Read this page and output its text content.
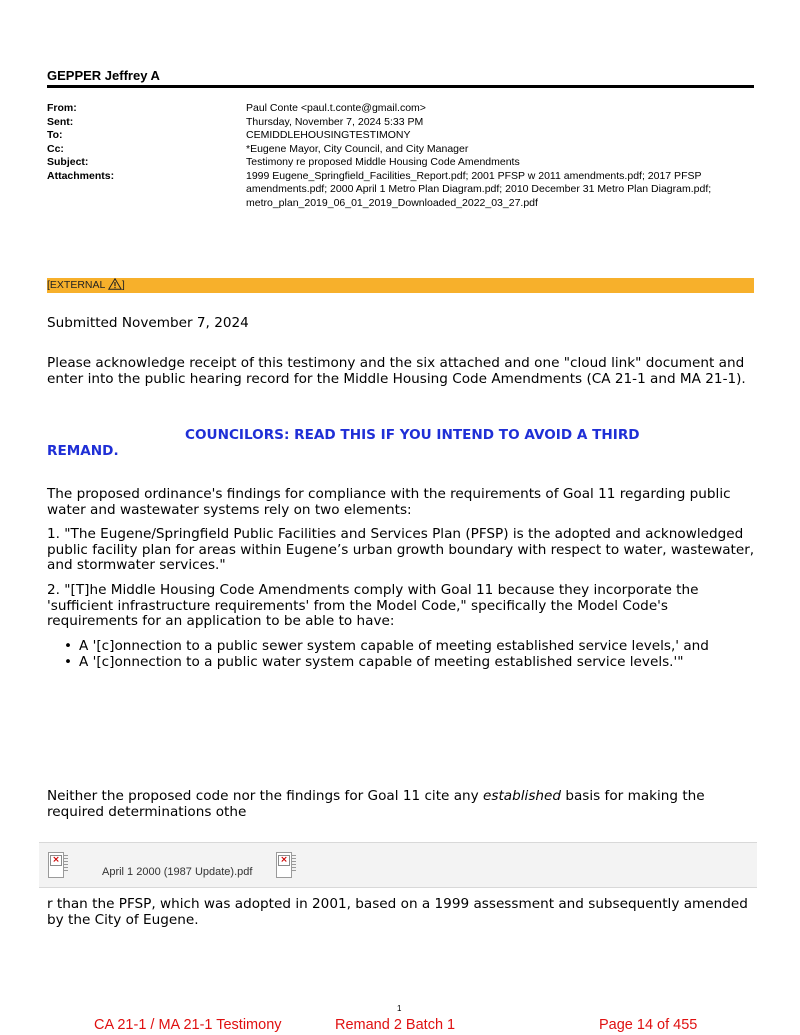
GEPPER Jeffrey A
From:	Paul Conte <paul.t.conte@gmail.com>
Sent:	Thursday, November 7, 2024 5:33 PM
To:	CEMIDDLEHOUSINGTESTIMONY
Cc:	*Eugene Mayor, City Council, and City Manager
Subject:	Testimony re proposed Middle Housing Code Amendments
Attachments:	1999 Eugene_Springfield_Facilities_Report.pdf; 2001 PFSP w 2011 amendments.pdf; 2017 PFSP amendments.pdf; 2000 April 1 Metro Plan Diagram.pdf; 2010 December 31 Metro Plan Diagram.pdf; metro_plan_2019_06_01_2019_Downloaded_2022_03_27.pdf
[EXTERNAL ]

Submitted November 7, 2024

Please acknowledge receipt of this testimony and the six attached and one "cloud link" document and enter into the public hearing record for the Middle Housing Code Amendments (CA 21-1 and MA 21-1).

COUNCILORS: READ THIS IF YOU INTEND TO AVOID A THIRD
REMAND.

The proposed ordinance's findings for compliance with the requirements of Goal 11 regarding public water and wastewater systems rely on two elements:

1. "The Eugene/Springfield Public Facilities and Services Plan (PFSP) is the adopted and acknowledged public facility plan for areas within Eugene’s urban growth boundary with respect to water, wastewater, and stormwater services."

2. "[T]he Middle Housing Code Amendments comply with Goal 11 because they incorporate the 'sufficient infrastructure requirements' from the Model Code," specifically the Model Code's requirements for an application to be able to have:

• A '[c]onnection to a public sewer system capable of meeting established service levels,' and
• A '[c]onnection to a public water system capable of meeting established service levels.'"

Neither the proposed code nor the findings for Goal 11 cite any established basis for making the required determinations othe

×
April 1 2000 (1987 Update).pdf
×

r than the PFSP, which was adopted in 2001, based on a 1999 assessment and subsequently amended by the City of Eugene.

1
CA 21-1 / MA 21-1 Testimony	Remand 2 Batch 1	Page 14 of 455
